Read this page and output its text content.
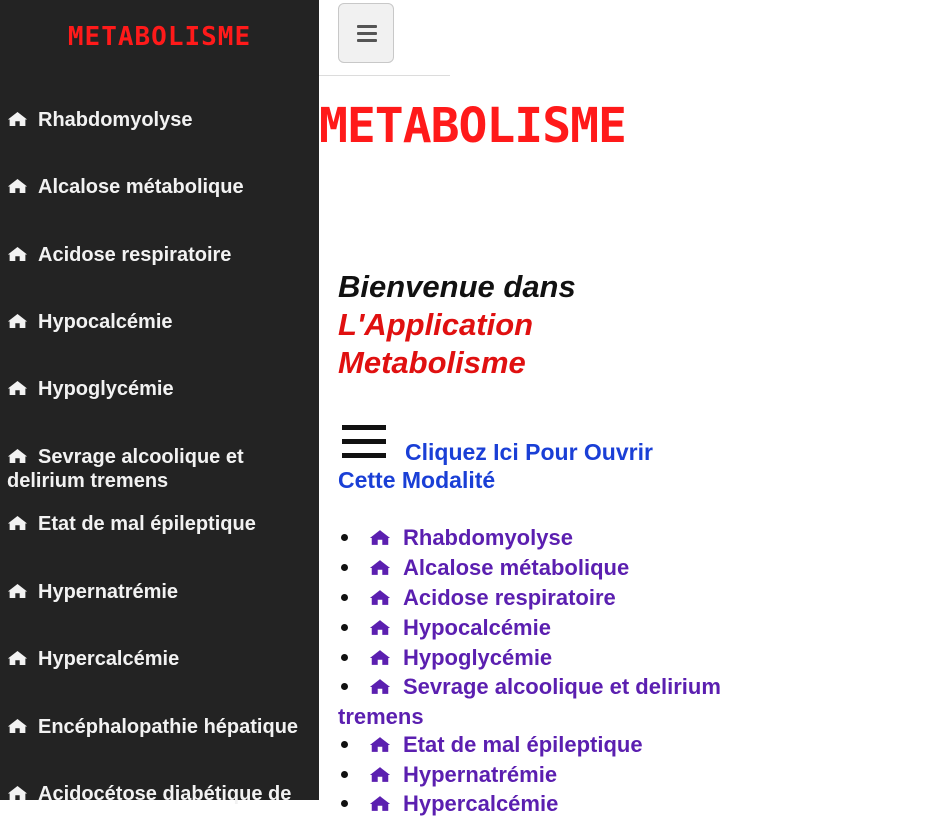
METABOLISME
Rhabdomyolyse
Alcalose métabolique
Acidose respiratoire
Hypocalcémie
Hypoglycémie
Sevrage alcoolique et
delirium tremens
Etat de mal épileptique
Hypernatrémie
Hypercalcémie
Encéphalopathie hépatique
Acidocétose diabétique de
METABOLISME
Bienvenue dans
L'Application
Metabolisme
Cliquez Ici Pour Ouvrir
Cette Modalité
Rhabdomyolyse
Alcalose métabolique
Acidose respiratoire
Hypocalcémie
Hypoglycémie
Sevrage alcoolique et delirium
tremens
Etat de mal épileptique
Hypernatrémie
Hypercalcémie
